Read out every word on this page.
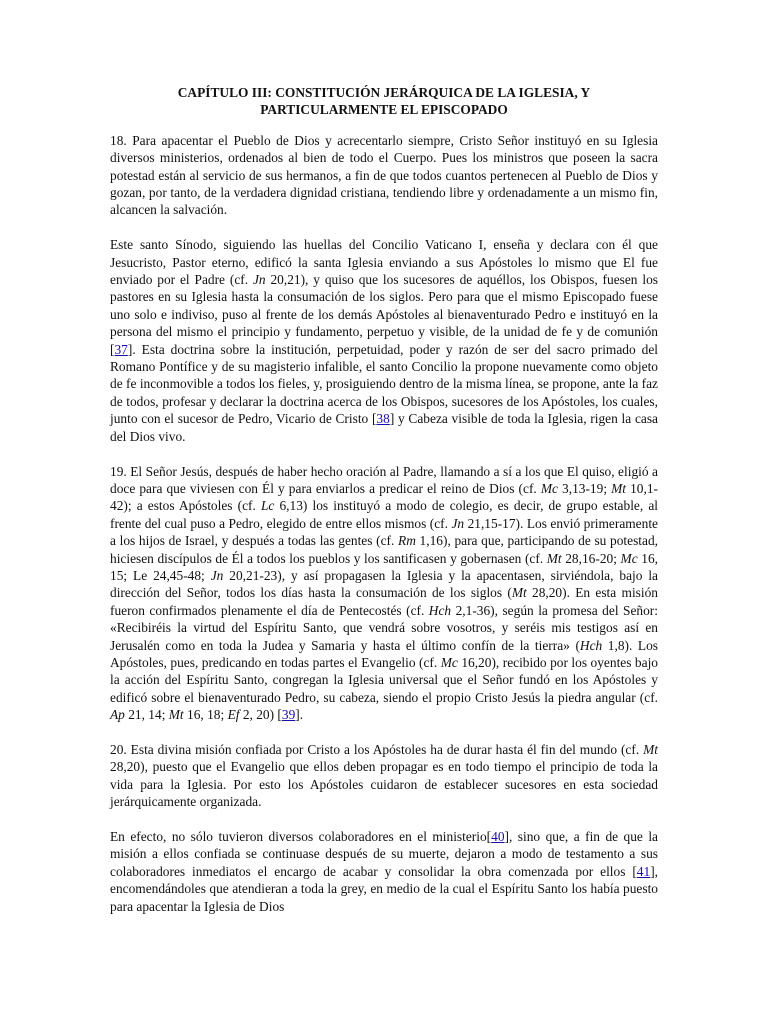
CAPÍTULO III: CONSTITUCIÓN JERÁRQUICA DE LA IGLESIA, Y
PARTICULARMENTE EL EPISCOPADO

18. Para apacentar el Pueblo de Dios y acrecentarlo siempre, Cristo Señor instituyó en su Iglesia diversos ministerios, ordenados al bien de todo el Cuerpo. Pues los ministros que poseen la sacra potestad están al servicio de sus hermanos, a fin de que todos cuantos pertenecen al Pueblo de Dios y gozan, por tanto, de la verdadera dignidad cristiana, tendiendo libre y ordenadamente a un mismo fin, alcancen la salvación.

Este santo Sínodo, siguiendo las huellas del Concilio Vaticano I, enseña y declara con él que Jesucristo, Pastor eterno, edificó la santa Iglesia enviando a sus Apóstoles lo mismo que El fue enviado por el Padre (cf. Jn 20,21), y quiso que los sucesores de aquéllos, los Obispos, fuesen los pastores en su Iglesia hasta la consumación de los siglos. Pero para que el mismo Episcopado fuese uno solo e indiviso, puso al frente de los demás Apóstoles al bienaventurado Pedro e instituyó en la persona del mismo el principio y fundamento, perpetuo y visible, de la unidad de fe y de comunión [37]. Esta doctrina sobre la institución, perpetuidad, poder y razón de ser del sacro primado del Romano Pontífice y de su magisterio infalible, el santo Concilio la propone nuevamente como objeto de fe inconmovible a todos los fieles, y, prosiguiendo dentro de la misma línea, se propone, ante la faz de todos, profesar y declarar la doctrina acerca de los Obispos, sucesores de los Apóstoles, los cuales, junto con el sucesor de Pedro, Vicario de Cristo [38] y Cabeza visible de toda la Iglesia, rigen la casa del Dios vivo.

19. El Señor Jesús, después de haber hecho oración al Padre, llamando a sí a los que El quiso, eligió a doce para que viviesen con Él y para enviarlos a predicar el reino de Dios (cf. Mc 3,13-19; Mt 10,1-42); a estos Apóstoles (cf. Lc 6,13) los instituyó a modo de colegio, es decir, de grupo estable, al frente del cual puso a Pedro, elegido de entre ellos mismos (cf. Jn 21,15-17). Los envió primeramente a los hijos de Israel, y después a todas las gentes (cf. Rm 1,16), para que, participando de su potestad, hiciesen discípulos de Él a todos los pueblos y los santificasen y gobernasen (cf. Mt 28,16-20; Mc 16, 15; Le 24,45-48; Jn 20,21-23), y así propagasen la Iglesia y la apacentasen, sirviéndola, bajo la dirección del Señor, todos los días hasta la consumación de los siglos (Mt 28,20). En esta misión fueron confirmados plenamente el día de Pentecostés (cf. Hch 2,1-36), según la promesa del Señor: «Recibiréis la virtud del Espíritu Santo, que vendrá sobre vosotros, y seréis mis testigos así en Jerusalén como en toda la Judea y Samaria y hasta el último confín de la tierra» (Hch 1,8). Los Apóstoles, pues, predicando en todas partes el Evangelio (cf. Mc 16,20), recibido por los oyentes bajo la acción del Espíritu Santo, congregan la Iglesia universal que el Señor fundó en los Apóstoles y edificó sobre el bienaventurado Pedro, su cabeza, siendo el propio Cristo Jesús la piedra angular (cf. Ap 21, 14; Mt 16, 18; Ef 2, 20) [39].

20. Esta divina misión confiada por Cristo a los Apóstoles ha de durar hasta él fin del mundo (cf. Mt 28,20), puesto que el Evangelio que ellos deben propagar es en todo tiempo el principio de toda la vida para la Iglesia. Por esto los Apóstoles cuidaron de establecer sucesores en esta sociedad jerárquicamente organizada.

En efecto, no sólo tuvieron diversos colaboradores en el ministerio[40], sino que, a fin de que la misión a ellos confiada se continuase después de su muerte, dejaron a modo de testamento a sus colaboradores inmediatos el encargo de acabar y consolidar la obra comenzada por ellos [41], encomendándoles que atendieran a toda la grey, en medio de la cual el Espíritu Santo los había puesto para apacentar la Iglesia de Dios
